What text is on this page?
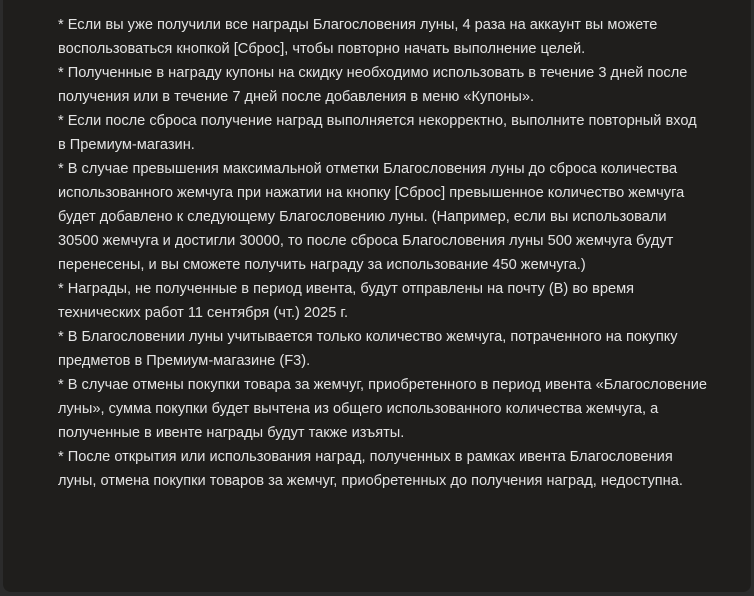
* Если вы уже получили все награды Благословения луны, 4 раза на аккаунт вы можете воспользоваться кнопкой [Сброс], чтобы повторно начать выполнение целей.
* Полученные в награду купоны на скидку необходимо использовать в течение 3 дней после получения или в течение 7 дней после добавления в меню «Купоны».
* Если после сброса получение наград выполняется некорректно, выполните повторный вход в Премиум-магазин.
* В случае превышения максимальной отметки Благословения луны до сброса количества использованного жемчуга при нажатии на кнопку [Сброс] превышенное количество жемчуга будет добавлено к следующему Благословению луны. (Например, если вы использовали 30500 жемчуга и достигли 30000, то после сброса Благословения луны 500 жемчуга будут перенесены, и вы сможете получить награду за использование 450 жемчуга.)
* Награды, не полученные в период ивента, будут отправлены на почту (В) во время технических работ 11 сентября (чт.) 2025 г.
* В Благословении луны учитывается только количество жемчуга, потраченного на покупку предметов в Премиум-магазине (F3).
* В случае отмены покупки товара за жемчуг, приобретенного в период ивента «Благословение луны», сумма покупки будет вычтена из общего использованного количества жемчуга, а полученные в ивенте награды будут также изъяты.
* После открытия или использования наград, полученных в рамках ивента Благословения луны, отмена покупки товаров за жемчуг, приобретенных до получения наград, недоступна.
